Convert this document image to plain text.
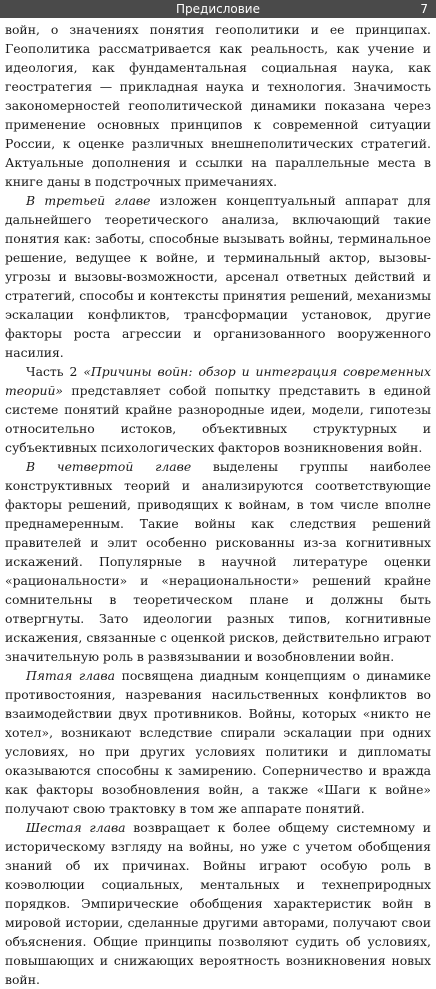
Предисловие	7

войн, о значениях понятия геополитики и ее принципах. Геополитика рассматривается как реальность, как учение и идеология, как фундаментальная социальная наука, как геостратегия — прикладная наука и технология. Значимость закономерностей геополитической динамики показана через применение основных принципов к современной ситуации России, к оценке различных внешнеполитических стратегий. Актуальные дополнения и ссылки на параллельные места в книге даны в подстрочных примечаниях.

В третьей главе изложен концептуальный аппарат для дальнейшего теоретического анализа, включающий такие понятия как: заботы, способные вызывать войны, терминальное решение, ведущее к войне, и терминальный актор, вызовы-угрозы и вызовы-возможности, арсенал ответных действий и стратегий, способы и контексты принятия решений, механизмы эскалации конфликтов, трансформации установок, другие факторы роста агрессии и организованного вооруженного насилия.

Часть 2 «Причины войн: обзор и интеграция современных теорий» представляет собой попытку представить в единой системе понятий крайне разнородные идеи, модели, гипотезы относительно истоков, объективных структурных и субъективных психологических факторов возникновения войн.

В четвертой главе выделены группы наиболее конструктивных теорий и анализируются соответствующие факторы решений, приводящих к войнам, в том числе вполне преднамеренным. Такие войны как следствия решений правителей и элит особенно рискованны из-за когнитивных искажений. Популярные в научной литературе оценки «рациональности» и «нерациональности» решений крайне сомнительны в теоретическом плане и должны быть отвергнуты. Зато идеологии разных типов, когнитивные искажения, связанные с оценкой рисков, действительно играют значительную роль в развязывании и возобновлении войн.

Пятая глава посвящена диадным концепциям о динамике противостояния, назревания насильственных конфликтов во взаимодействии двух противников. Войны, которых «никто не хотел», возникают вследствие спирали эскалации при одних условиях, но при других условиях политики и дипломаты оказываются способны к замирению. Соперничество и вражда как факторы возобновления войн, а также «Шаги к войне» получают свою трактовку в том же аппарате понятий.

Шестая глава возвращает к более общему системному и историческому взгляду на войны, но уже с учетом обобщения знаний об их причинах. Войны играют особую роль в коэволюции социальных, ментальных и технеприродных порядков. Эмпирические обобщения характеристик войн в мировой истории, сделанные другими авторами, получают свои объяснения. Общие принципы позволяют судить об условиях, повышающих и снижающих вероятность возникновения новых войн.
